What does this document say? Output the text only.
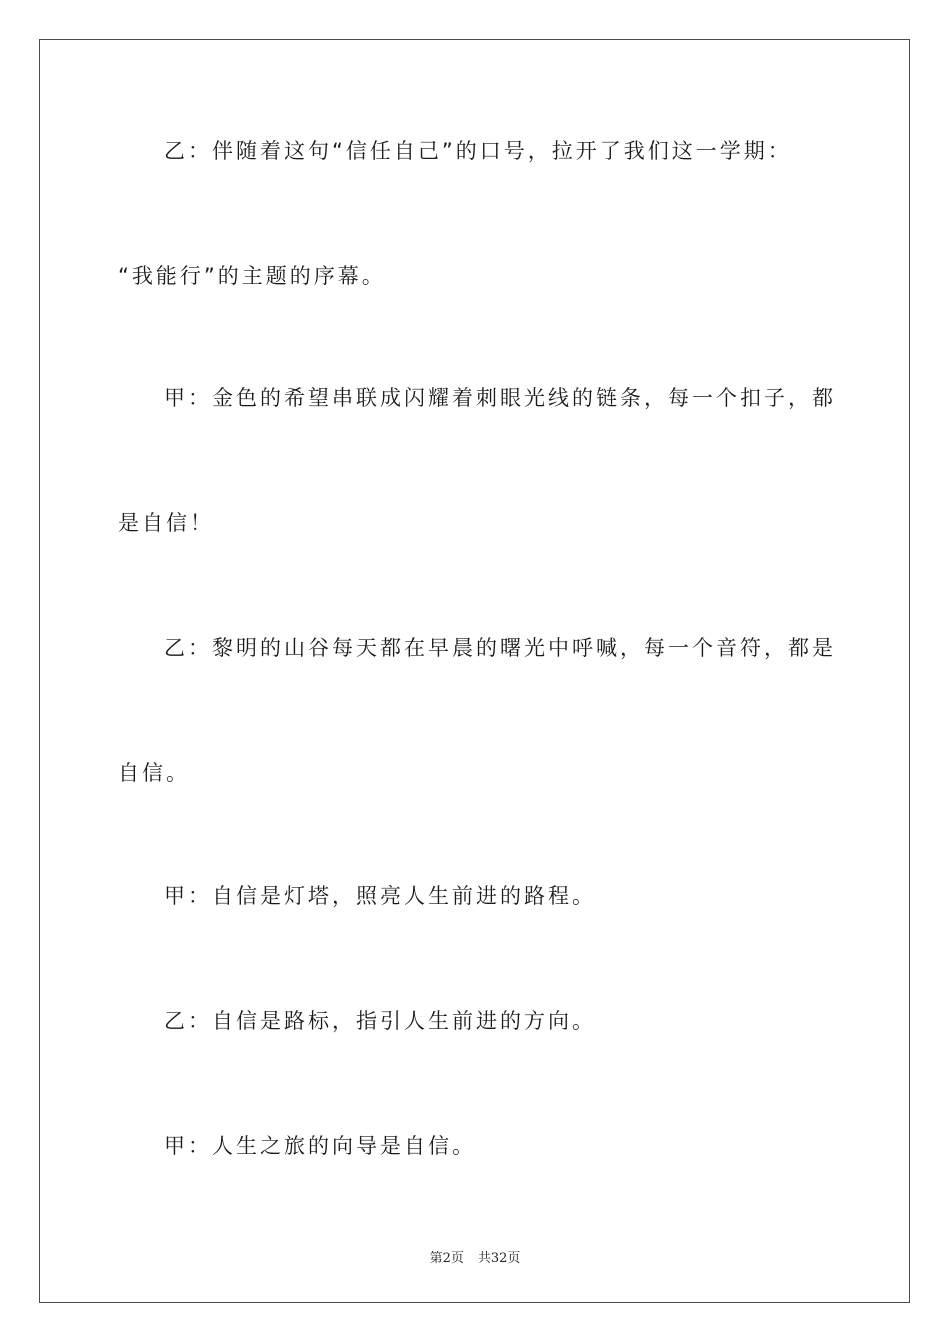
乙：伴随着这句“信任自己”的口号，拉开了我们这一学期：
“我能行”的主题的序幕。
甲：金色的希望串联成闪耀着刺眼光线的链条，每一个扣子，都
是自信！
乙：黎明的山谷每天都在早晨的曙光中呼喊，每一个音符，都是
自信。
甲：自信是灯塔，照亮人生前进的路程。
乙：自信是路标，指引人生前进的方向。
甲：人生之旅的向导是自信。
第2页 共32页
